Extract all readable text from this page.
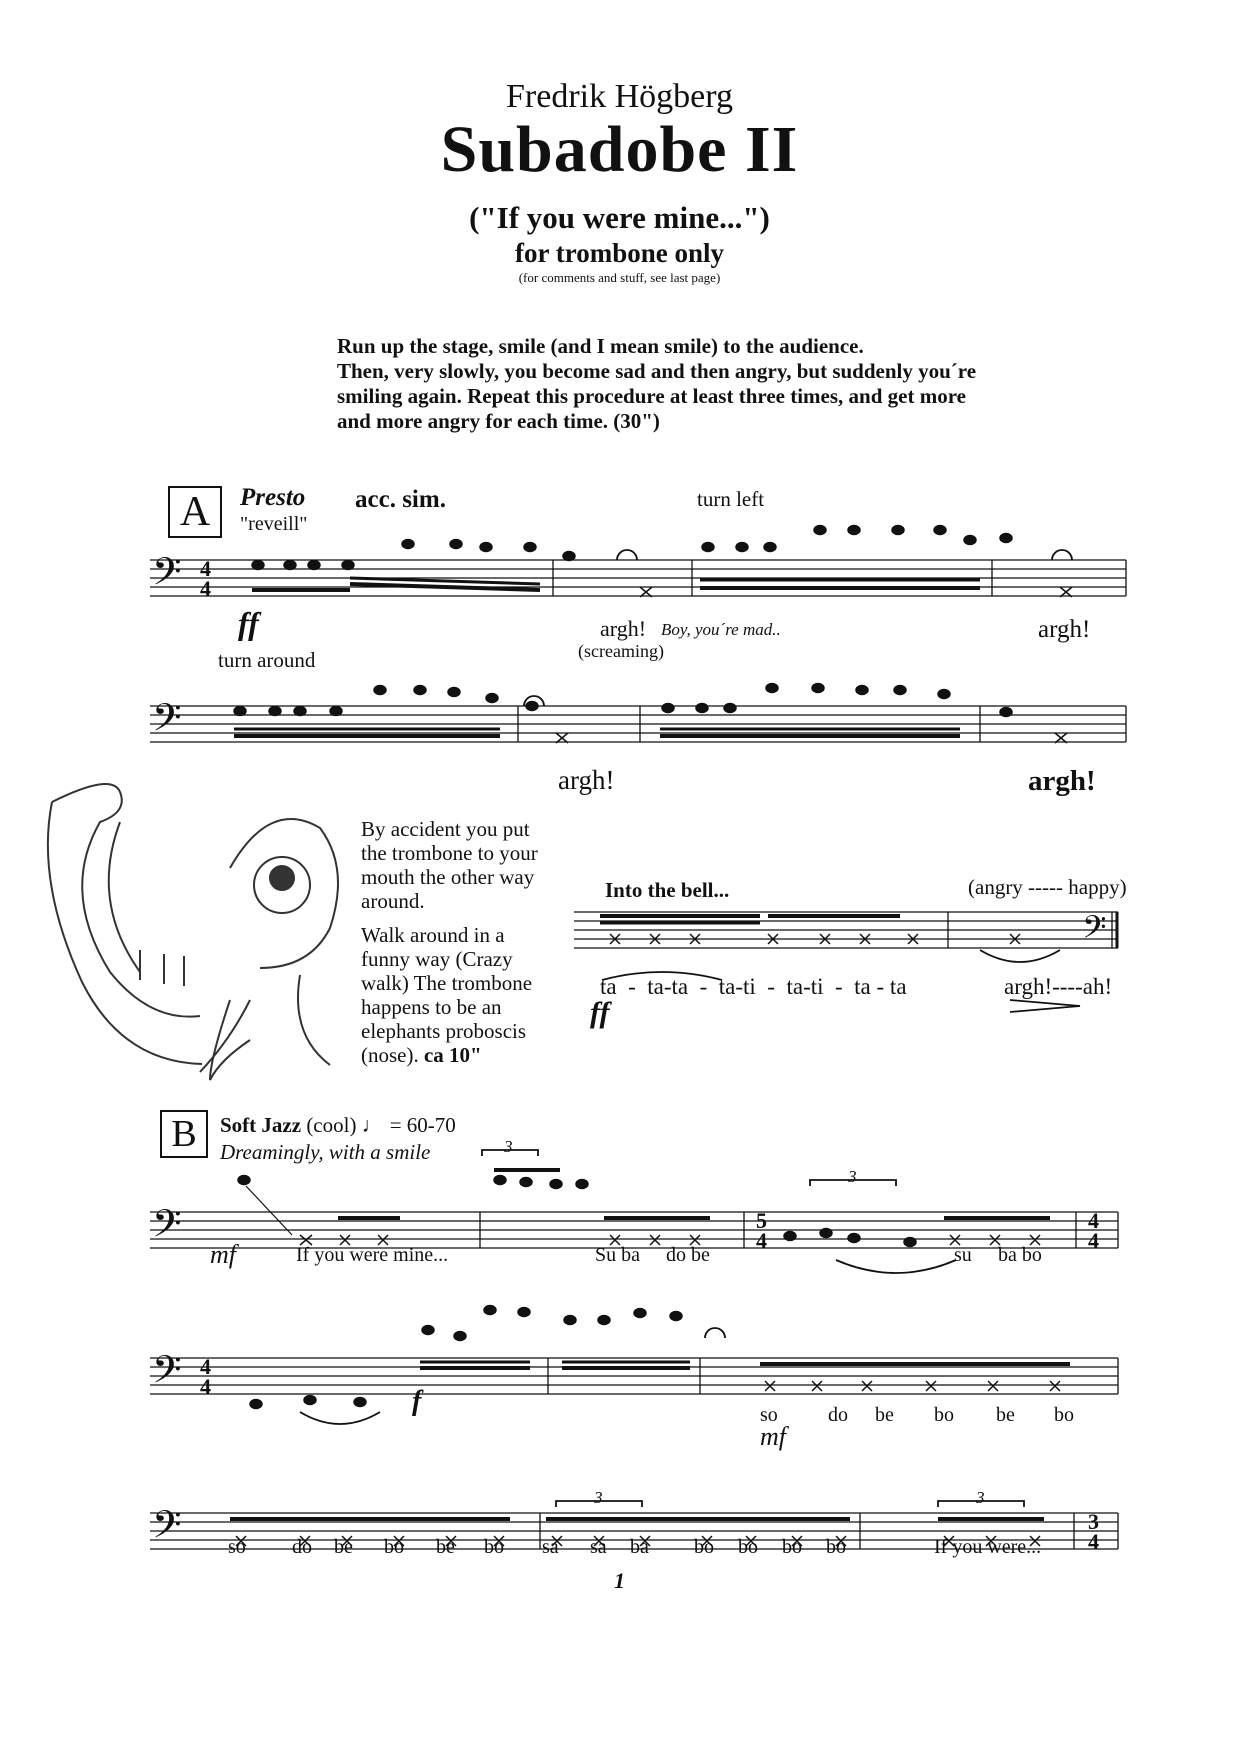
Fredrik Högberg
Subadobe II
("If you were mine...")
for trombone only
(for comments and stuff, see last page)
Run up the stage, smile (and I mean smile) to the audience.
Then, very slowly, you become sad and then angry, but suddenly you´re
smiling again. Repeat this procedure at least three times, and get more
and more angry for each time. (30")
A	Presto acc. sim.
"reveill"
turn left
𝄢
𝄢
𝄢
𝄢
𝄢
𝄢
4
4
5
4
4
4
4
4
3
4
3
3
3	3
ff	argh! Boy, you´re mad..
(screaming)
argh!
turn around
argh!	argh!
By accident you put
the trombone to your
mouth the other way
around.
Walk around in a
funny way (Crazy
walk) The trombone
happens to be an
elephants proboscis
(nose). ca 10"
Into the bell...	(angry ----- happy)
ta  -  ta-ta  -  ta-ti  -  ta-ti  -  ta - ta	argh!----ah!
ff
B	Soft Jazz (cool) ♩ = 60-70
Dreamingly, with a smile
mf
f
mf
If you were mine...	Su ba do be	su ba bo
so	do be bo be bo
so do be bo be bo sa sa ba bo bo bo bo	If you were...
1
